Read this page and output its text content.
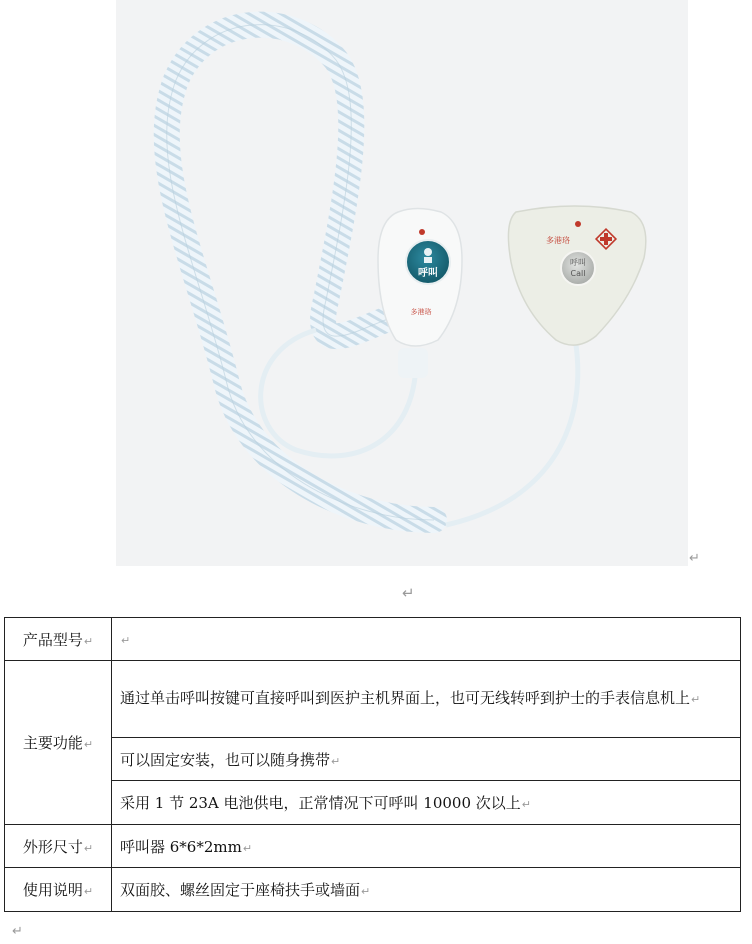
呼叫
多港珞
多港珞
呼叫
Call
↵
↵
产品型号↵	↵
主要功能↵	通过单击呼叫按键可直接呼叫到医护主机界面上，也可无线转呼到护士的手表信息机上↵
	可以固定安装，也可以随身携带↵
	采用 1 节 23A 电池供电，正常情况下可呼叫 10000 次以上↵
外形尺寸↵	呼叫器 6*6*2mm↵
使用说明↵	双面胶、螺丝固定于座椅扶手或墙面↵
↵
